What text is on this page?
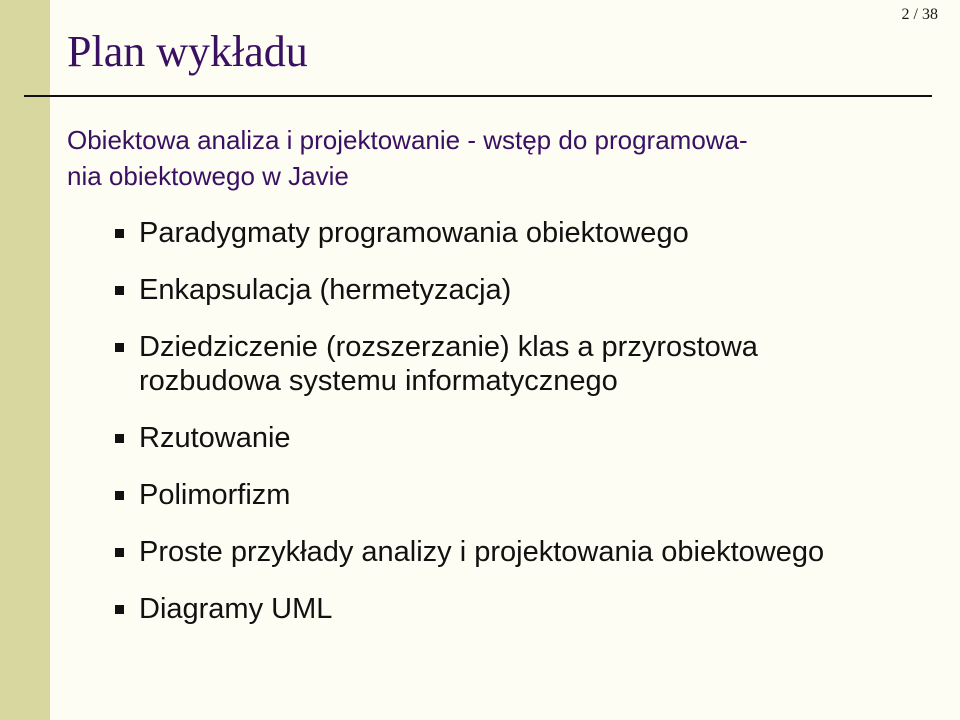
2 / 38
Plan wykładu

Obiektowa analiza i projektowanie - wstęp do programowa-
nia obiektowego w Javie

Paradygmaty programowania obiektowego
Enkapsulacja (hermetyzacja)
Dziedziczenie (rozszerzanie) klas a przyrostowa
rozbudowa systemu informatycznego
Rzutowanie
Polimorfizm
Proste przykłady analizy i projektowania obiektowego
Diagramy UML
